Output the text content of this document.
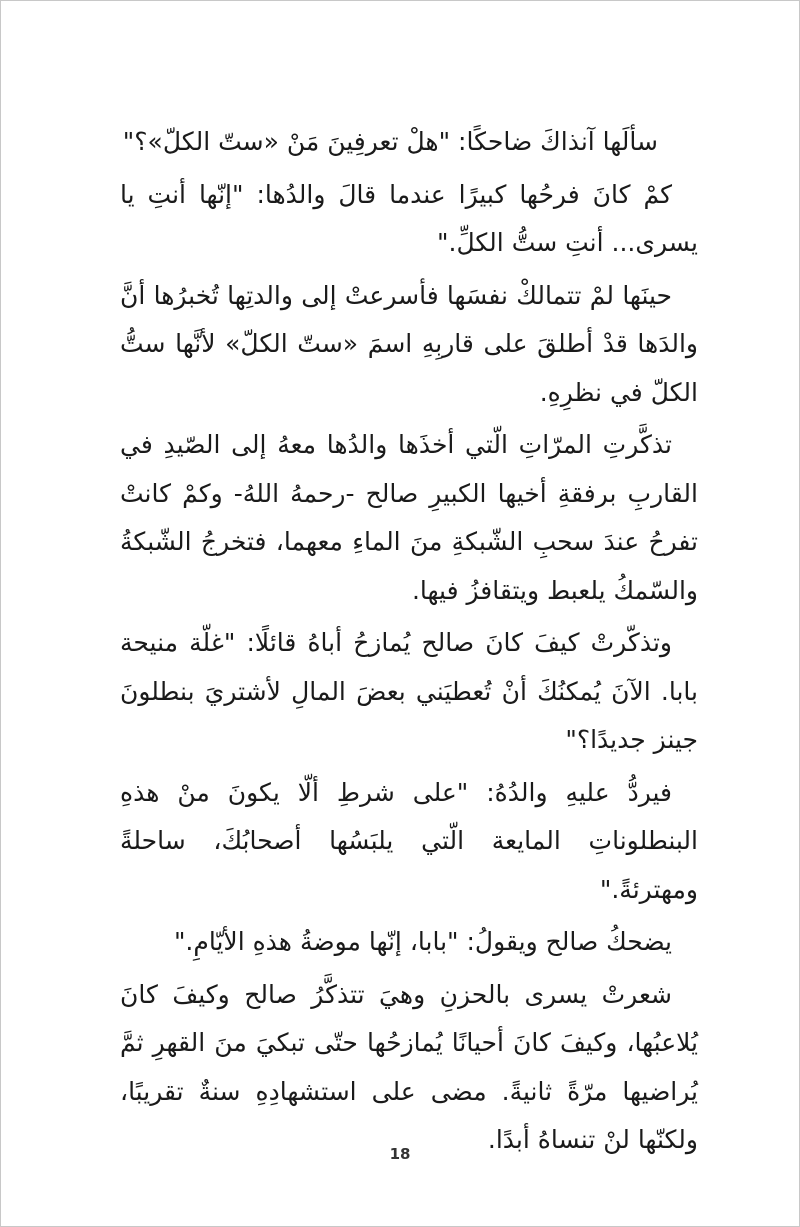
سألَها آنذاكَ ضاحكًا: "هلْ تعرفِينَ مَنْ «ستّ الكلّ»؟"

كمْ كانَ فرحُها كبيرًا عندما قالَ والدُها: "إنّها أنتِ يا يسرى... أنتِ ستُّ الكلِّ."

حينَها لمْ تتمالكْ نفسَها فأسرعتْ إلى والدتِها تُخبرُها أنَّ والدَها قدْ أطلقَ على قاربِهِ اسمَ «ستّ الكلّ» لأنَّها ستُّ الكلّ في نظرِهِ.

تذكَّرتِ المرّاتِ الّتي أخذَها والدُها معهُ إلى الصّيدِ في القاربِ برفقةِ أخيها الكبيرِ صالح -رحمهُ اللهُ- وكمْ كانتْ تفرحُ عندَ سحبِ الشّبكةِ منَ الماءِ معهما، فتخرجُ الشّبكةُ والسّمكُ يلعبط ويتقافزُ فيها.

وتذكّرتْ كيفَ كانَ صالح يُمازحُ أباهُ قائلًا: "غلّة منيحة بابا. الآنَ يُمكنُكَ أنْ تُعطيَني بعضَ المالِ لأشتريَ بنطلونَ جينز جديدًا؟"

فيردُّ عليهِ والدُهُ: "على شرطِ ألّا يكونَ منْ هذهِ البنطلوناتِ المايعة الّتي يلبَسُها أصحابُكَ، ساحلةً ومهترئةً."

يضحكُ صالح ويقولُ: "بابا، إنّها موضةُ هذهِ الأيّامِ."

شعرتْ يسرى بالحزنِ وهيَ تتذكَّرُ صالح وكيفَ كانَ يُلاعبُها، وكيفَ كانَ أحيانًا يُمازحُها حتّى تبكيَ منَ القهرِ ثمَّ يُراضيها مرّةً ثانيةً. مضى على استشهادِهِ سنةٌ تقريبًا، ولكنّها لنْ تنساهُ أبدًا.

18
